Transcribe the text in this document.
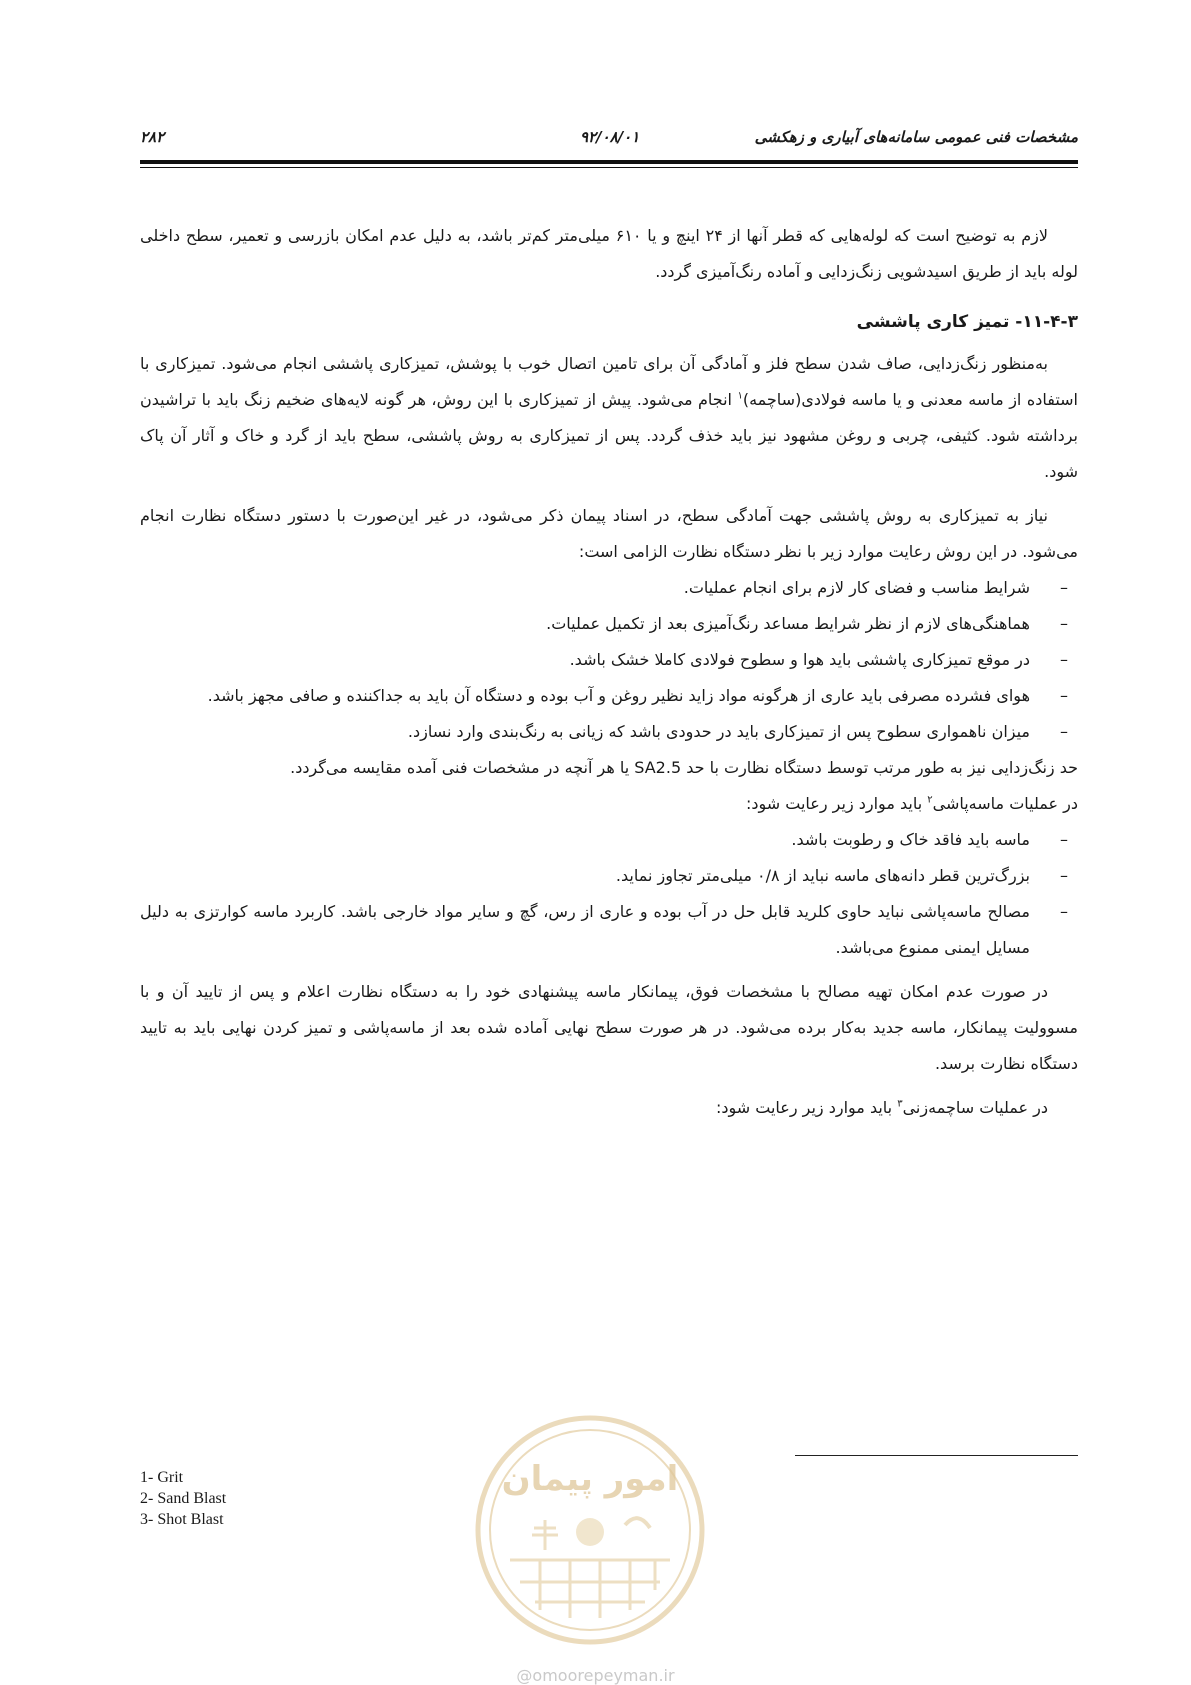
۲۸۲	۹۲/۰۸/۰۱	مشخصات فنی عمومی سامانه‌های آبیاری و زهکشی

لازم به توضیح است که لوله‌هایی که قطر آنها از ۲۴ اینچ و یا ۶۱۰ میلی‌متر کم‌تر باشد، به دلیل عدم امکان بازرسی و تعمیر، سطح داخلی لوله باید از طریق اسیدشویی زنگ‌زدایی و آماده رنگ‌آمیزی گردد.

۱۱-۴-۳- تمیز کاری پاششی

به‌منظور زنگ‌زدایی، صاف شدن سطح فلز و آمادگی آن برای تامین اتصال خوب با پوشش، تمیزکاری پاششی انجام می‌شود. تمیزکاری با استفاده از ماسه معدنی و یا ماسه فولادی(ساچمه)$^۱$ انجام می‌شود. پیش از تمیزکاری با این روش، هر گونه لایه‌های ضخیم زنگ باید با تراشیدن برداشته شود. کثیفی، چربی و روغن مشهود نیز باید خذف گردد. پس از تمیزکاری به روش پاششی، سطح باید از گرد و خاک و آثار آن پاک شود.

نیاز به تمیزکاری به روش پاششی جهت آمادگی سطح، در اسناد پیمان ذکر می‌شود، در غیر این‌صورت با دستور دستگاه نظارت انجام می‌شود. در این روش رعایت موارد زیر با نظر دستگاه نظارت الزامی است:

– شرایط مناسب و فضای کار لازم برای انجام عملیات.
– هماهنگی‌های لازم از نظر شرایط مساعد رنگ‌آمیزی بعد از تکمیل عملیات.
– در موقع تمیزکاری پاششی باید هوا و سطوح فولادی کاملا خشک باشد.
– هوای فشرده مصرفی باید عاری از هرگونه مواد زاید نظیر روغن و آب بوده و دستگاه آن باید به جداکننده و صافی مجهز باشد.
– میزان ناهمواری سطوح پس از تمیزکاری باید در حدودی باشد که زیانی به رنگ‌بندی وارد نسازد.

حد زنگ‌زدایی نیز به طور مرتب توسط دستگاه نظارت با حد SA2.5 یا هر آنچه در مشخصات فنی آمده مقایسه می‌گردد.

در عملیات ماسه‌پاشی$^۲$ باید موارد زیر رعایت شود:

– ماسه باید فاقد خاک و رطوبت باشد.
– بزرگ‌ترین قطر دانه‌های ماسه نباید از ۰/۸ میلی‌متر تجاوز نماید.
– مصالح ماسه‌پاشی نباید حاوی کلرید قابل حل در آب بوده و عاری از رس، گچ و سایر مواد خارجی باشد. کاربرد ماسه کوارتزی به دلیل مسایل ایمنی ممنوع می‌باشد.

در صورت عدم امکان تهیه مصالح با مشخصات فوق، پیمانکار ماسه پیشنهادی خود را به دستگاه نظارت اعلام و پس از تایید آن و با مسوولیت پیمانکار، ماسه جدید به‌کار برده می‌شود. در هر صورت سطح نهایی آماده شده بعد از ماسه‌پاشی و تمیز کردن نهایی باید به تایید دستگاه نظارت برسد.

در عملیات ساچمه‌زنی$^۳$ باید موارد زیر رعایت شود:

1- Grit
2- Sand Blast
3- Shot Blast
امور پیمان
@omoorepeyman.ir
